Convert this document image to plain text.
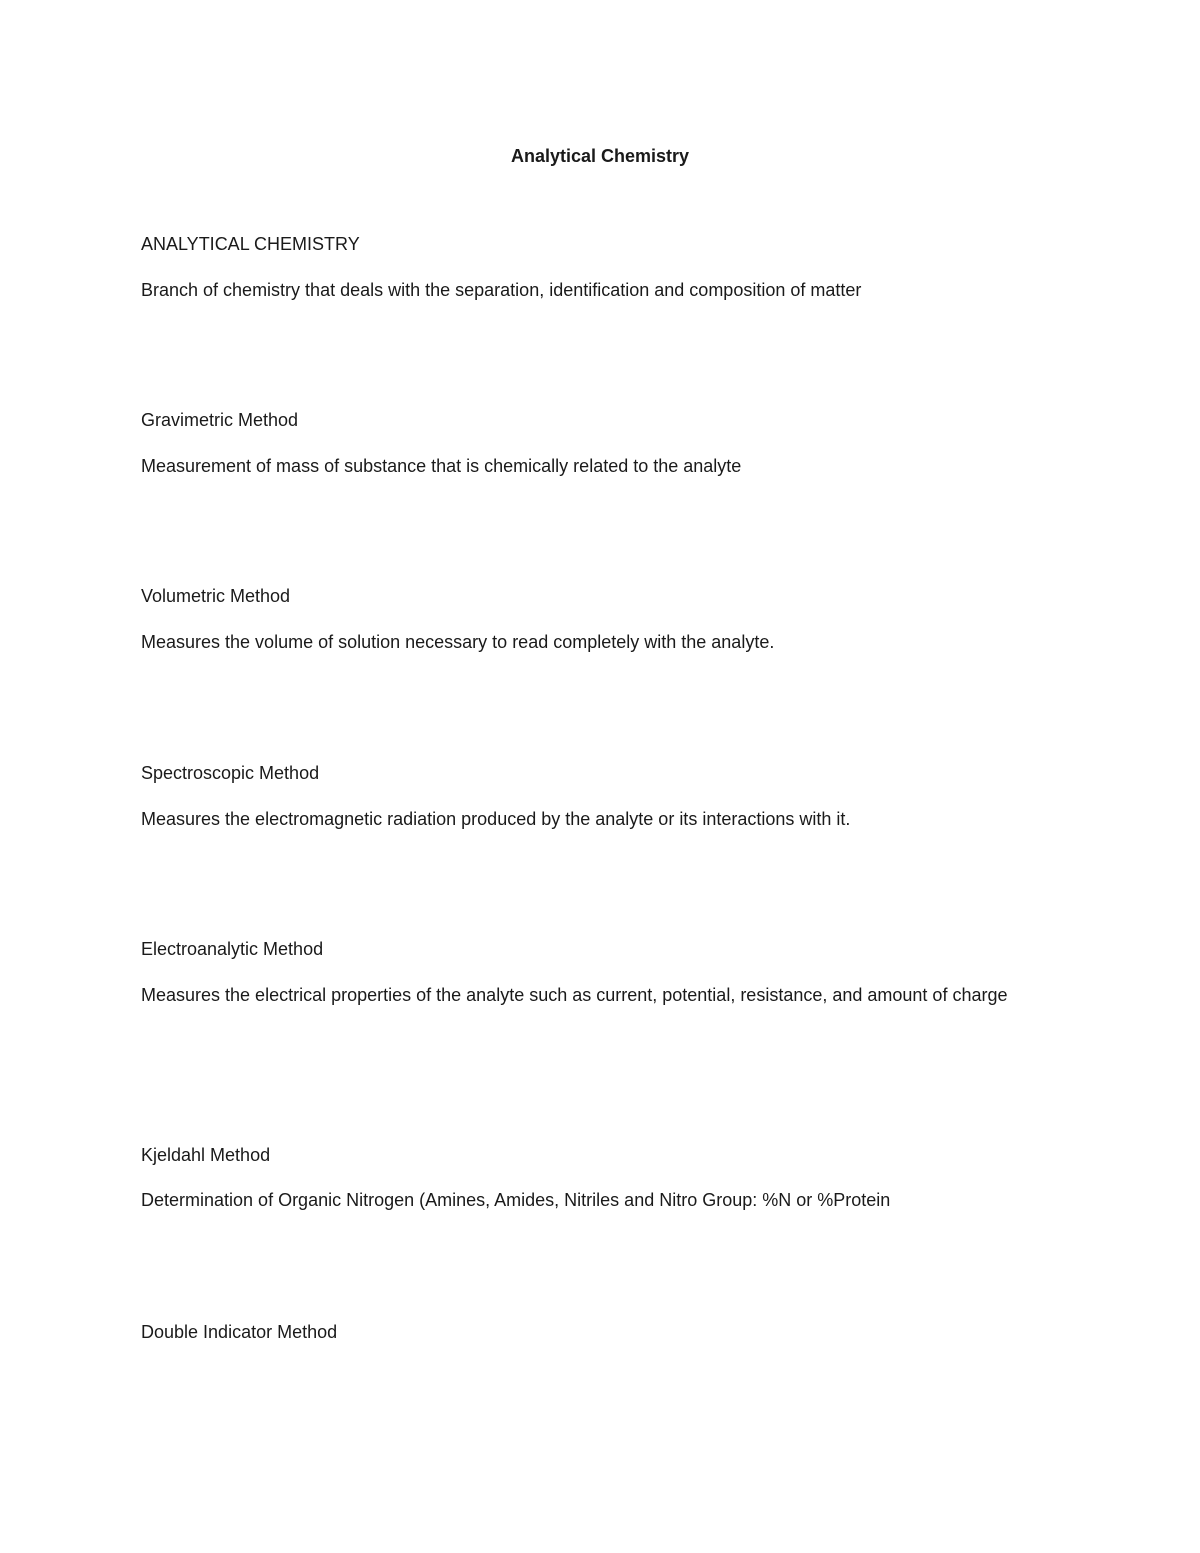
Analytical Chemistry

ANALYTICAL CHEMISTRY

Branch of chemistry that deals with the separation, identification and composition of matter

Gravimetric Method

Measurement of mass of substance that is chemically related to the analyte

Volumetric Method

Measures the volume of solution necessary to read completely with the analyte.

Spectroscopic Method

Measures the electromagnetic radiation produced by the analyte or its interactions with it.

Electroanalytic Method

Measures the electrical properties of the analyte such as current, potential, resistance, and amount of charge

Kjeldahl Method

Determination of Organic Nitrogen (Amines, Amides, Nitriles and Nitro Group: %N or %Protein

Double Indicator Method
